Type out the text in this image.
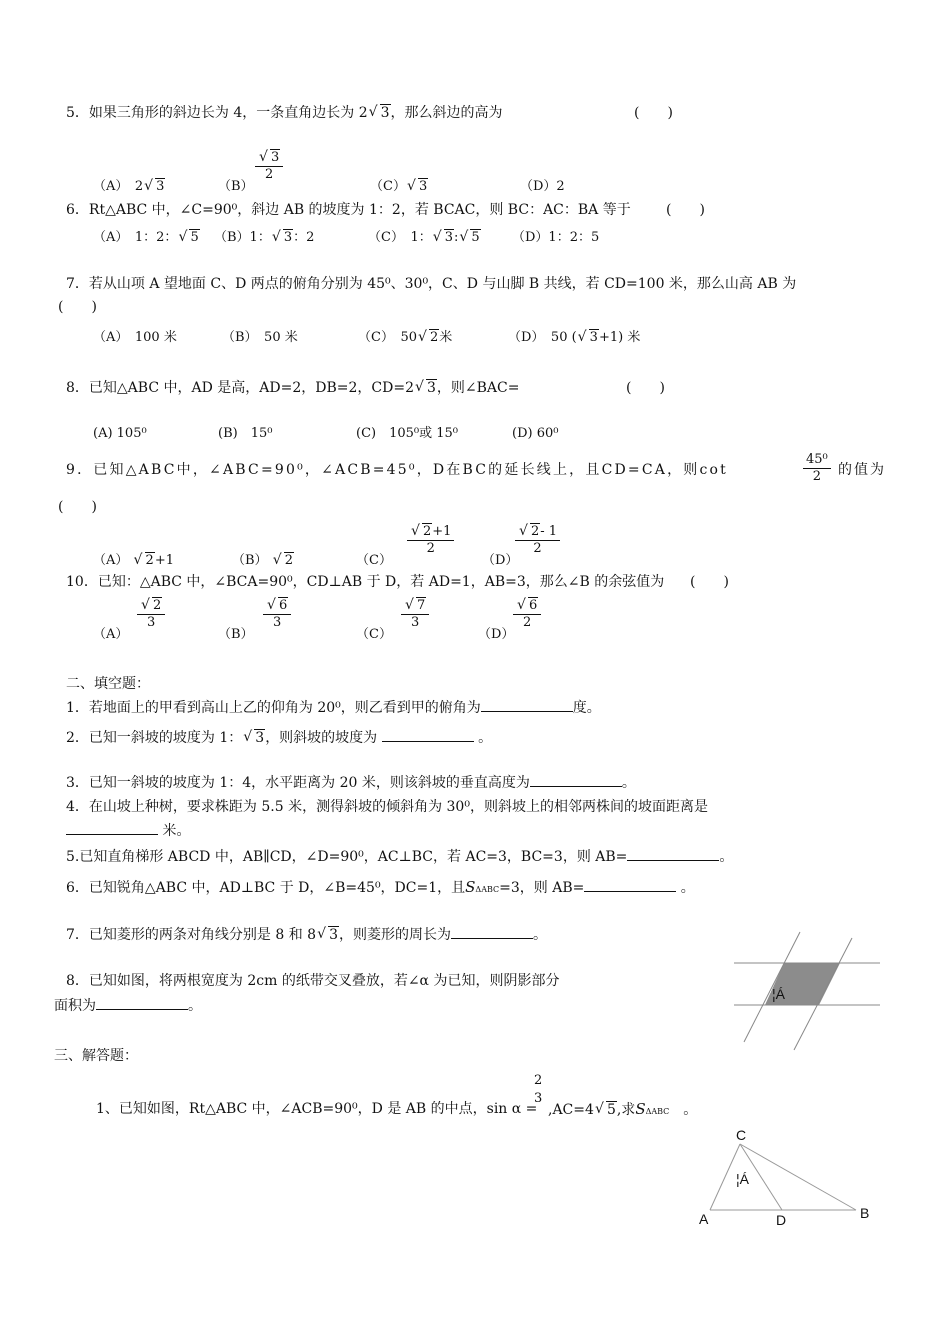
5．如果三角形的斜边长为 4，一条直角边长为 2 √ 3，那么斜边的高为	(　　)
（A）　2 √ 3	（B）
√ $\frac{3}{2}$
（C） √ 3	（D）2
6．Rt△ABC 中，∠C=90⁰，斜边 AB 的坡度为 1：2，若 BCAC，则 BC：AC：BA 等于	(　　)
（A）　1：2： √ 5 （B）1： √ 3：2	（C）　1： √ 3: √ 5 （D）1：2：5
7．若从山项 A 望地面 C、D 两点的俯角分别为 45⁰、30⁰，C、D 与山脚 B 共线，若 CD=100 米，那么山高 AB 为
(　　)
（A）　100 米	（B）　50 米	（C）　50 √ 2米	（D）　50 ( √ 3+1) 米
8．已知△ABC 中，AD 是高，AD=2，DB=2，CD=2 √ 3，则∠BAC=	(　　)
(A) 105⁰	(B)　15⁰	(C)　105⁰或 15⁰	(D) 60⁰
9．已知△ABC中，∠ABC=90⁰，∠ACB=45⁰，D在BC的延长线上，且CD=CA，则cot	$\frac{\text{45⁰}}{2}$ 的值为
(　　)
（A） √ 2+1	（B） √ 2	（C）
√ $\frac{2+1}{2}$
（D）
√ $\frac{2- 1}{2}$
10．已知：△ABC 中，∠BCA=90⁰，CD⊥AB 于 D，若 AD=1，AB=3，那么∠B 的余弦值为 (　　)
（A）
√ $\frac{2}{3}$
（B）
√ $\frac{6}{3}$
（C）
√ $\frac{7}{3}$
（D）
√ $\frac{6}{2}$
二、填空题：
1．若地面上的甲看到高山上乙的仰角为 20⁰，则乙看到甲的俯角为	度。
2．已知一斜坡的坡度为 1： √ 3，则斜坡的坡度为	。
3．已知一斜坡的坡度为 1：4，水平距离为 20 米，则该斜坡的垂直高度为	。
4．在山坡上种树，要求株距为 5.5 米，测得斜坡的倾斜角为 30⁰，则斜坡上的相邻两株间的坡面距离是
米。
5.已知直角梯形 ABCD 中，AB∥CD，∠D=90⁰，AC⊥BC，若 AC=3，BC=3，则 AB=	。
6．已知锐角△ABC 中，AD⊥BC 于 D，∠B=45⁰，DC=1，且SΔABC=3，则 AB=	。
7．已知菱形的两条对角线分别是 8 和 8 √ 3，则菱形的周长为	。
8．已知如图，将两根宽度为 2cm 的纸带交叉叠放，若∠α 为已知，则阴影部分
面积为	。
¦Á
三、解答题：
1、已知如图，Rt△ABC 中，∠ACB=90⁰，D 是 AB 的中点，sin α =
2
3
,AC=4 √ 5,求SΔABC　 。
C
A	D	B
¦Á
